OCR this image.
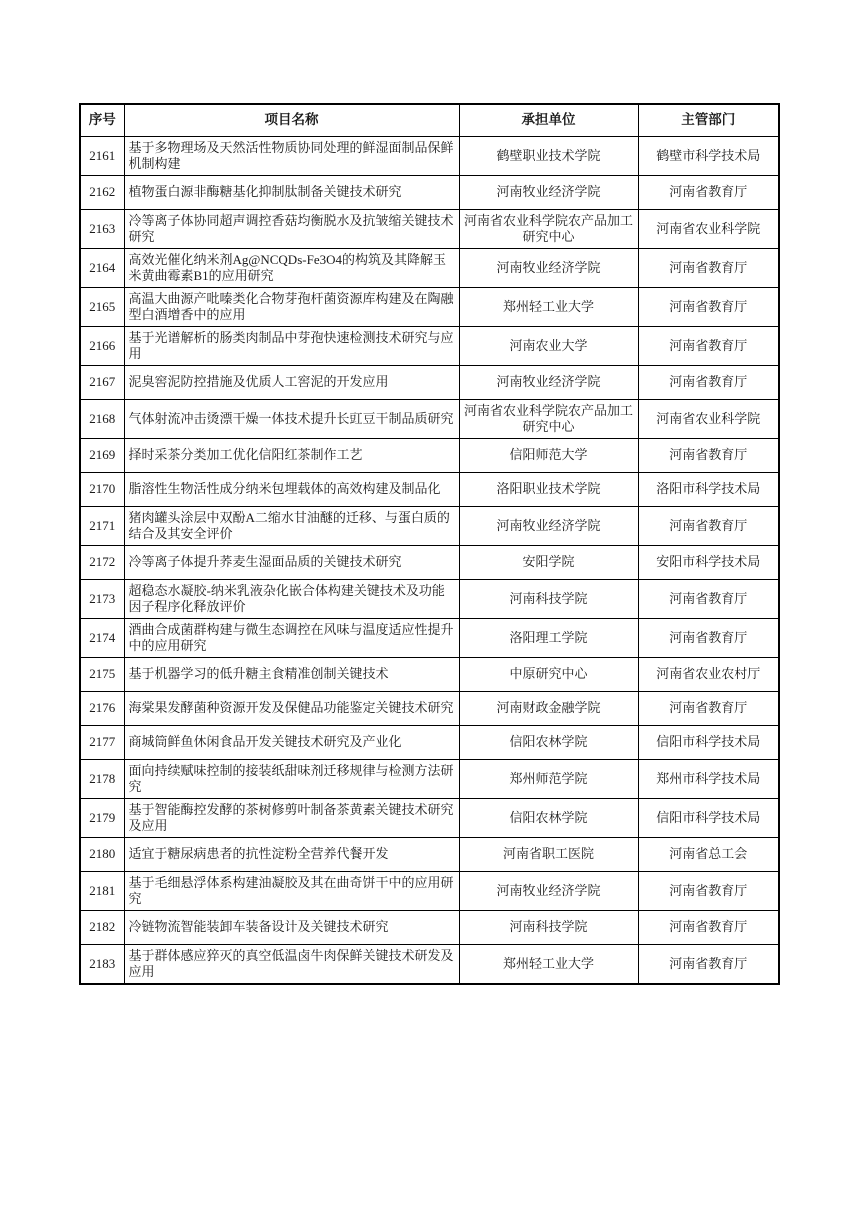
序号	项目名称	承担单位	主管部门
2161	基于多物理场及天然活性物质协同处理的鲜湿面制品保鲜机制构建	鹤壁职业技术学院	鹤壁市科学技术局
2162	植物蛋白源非酶糖基化抑制肽制备关键技术研究	河南牧业经济学院	河南省教育厅
2163	冷等离子体协同超声调控香菇均衡脱水及抗皱缩关键技术研究	河南省农业科学院农产品加工研究中心	河南省农业科学院
2164	高效光催化纳米剂Ag@NCQDs-Fe3O4的构筑及其降解玉米黄曲霉素B1的应用研究	河南牧业经济学院	河南省教育厅
2165	高温大曲源产吡嗪类化合物芽孢杆菌资源库构建及在陶融型白酒增香中的应用	郑州轻工业大学	河南省教育厅
2166	基于光谱解析的肠类肉制品中芽孢快速检测技术研究与应用	河南农业大学	河南省教育厅
2167	泥臭窖泥防控措施及优质人工窖泥的开发应用	河南牧业经济学院	河南省教育厅
2168	气体射流冲击烫漂干燥一体技术提升长豇豆干制品质研究	河南省农业科学院农产品加工研究中心	河南省农业科学院
2169	择时采茶分类加工优化信阳红茶制作工艺	信阳师范大学	河南省教育厅
2170	脂溶性生物活性成分纳米包埋载体的高效构建及制品化	洛阳职业技术学院	洛阳市科学技术局
2171	猪肉罐头涂层中双酚A二缩水甘油醚的迁移、与蛋白质的结合及其安全评价	河南牧业经济学院	河南省教育厅
2172	冷等离子体提升荞麦生湿面品质的关键技术研究	安阳学院	安阳市科学技术局
2173	超稳态水凝胶-纳米乳液杂化嵌合体构建关键技术及功能因子程序化释放评价	河南科技学院	河南省教育厅
2174	酒曲合成菌群构建与微生态调控在风味与温度适应性提升中的应用研究	洛阳理工学院	河南省教育厅
2175	基于机器学习的低升糖主食精准创制关键技术	中原研究中心	河南省农业农村厅
2176	海棠果发酵菌种资源开发及保健品功能鉴定关键技术研究	河南财政金融学院	河南省教育厅
2177	商城筒鲜鱼休闲食品开发关键技术研究及产业化	信阳农林学院	信阳市科学技术局
2178	面向持续赋味控制的接装纸甜味剂迁移规律与检测方法研究	郑州师范学院	郑州市科学技术局
2179	基于智能酶控发酵的茶树修剪叶制备茶黄素关键技术研究及应用	信阳农林学院	信阳市科学技术局
2180	适宜于糖尿病患者的抗性淀粉全营养代餐开发	河南省职工医院	河南省总工会
2181	基于毛细悬浮体系构建油凝胶及其在曲奇饼干中的应用研究	河南牧业经济学院	河南省教育厅
2182	冷链物流智能装卸车装备设计及关键技术研究	河南科技学院	河南省教育厅
2183	基于群体感应猝灭的真空低温卤牛肉保鲜关键技术研发及应用	郑州轻工业大学	河南省教育厅
